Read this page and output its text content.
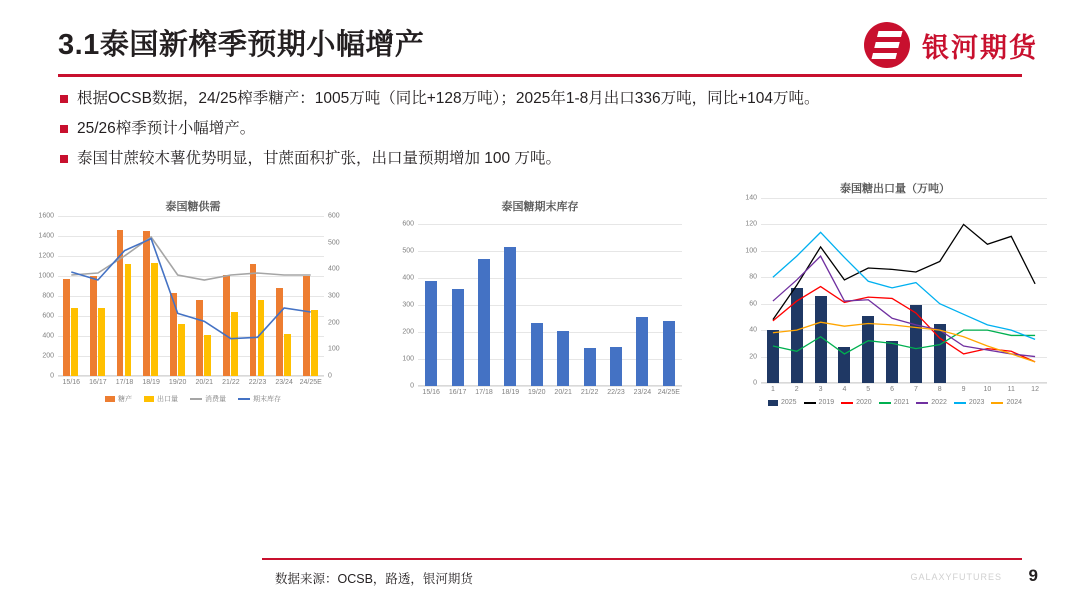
3.1泰国新榨季预期小幅增产	银河期货
根据OCSB数据，24/25榨季糖产：1005万吨（同比+128万吨）；2025年1-8月出口336万吨，同比+104万吨。
25/26榨季预计小幅增产。
泰国甘蔗较木薯优势明显，甘蔗面积扩张，出口量预期增加 100 万吨。
泰国糖供需
0
200
400
600
800
1000
1200
1400
1600
0
100
200
300
400
500
600
15/16 16/17 17/18 18/19 19/20 20/21 21/22 22/23 23/24 24/25E
糖产	出口量	消费量	期末库存
泰国糖期末库存
0
100
200
300
400
500
600
15/16 16/17 17/18 18/19 19/20 20/21 21/22 22/23 23/24 24/25E
泰国糖出口量（万吨）
0
20
40
60
80
100
120
140
1	2	3	4	5	6	7	8	9	10 11 12
2025	2019	2020	2021	2022	2023	2024
数据来源：OCSB，路透，银河期货	GALAXYFUTURES 9
